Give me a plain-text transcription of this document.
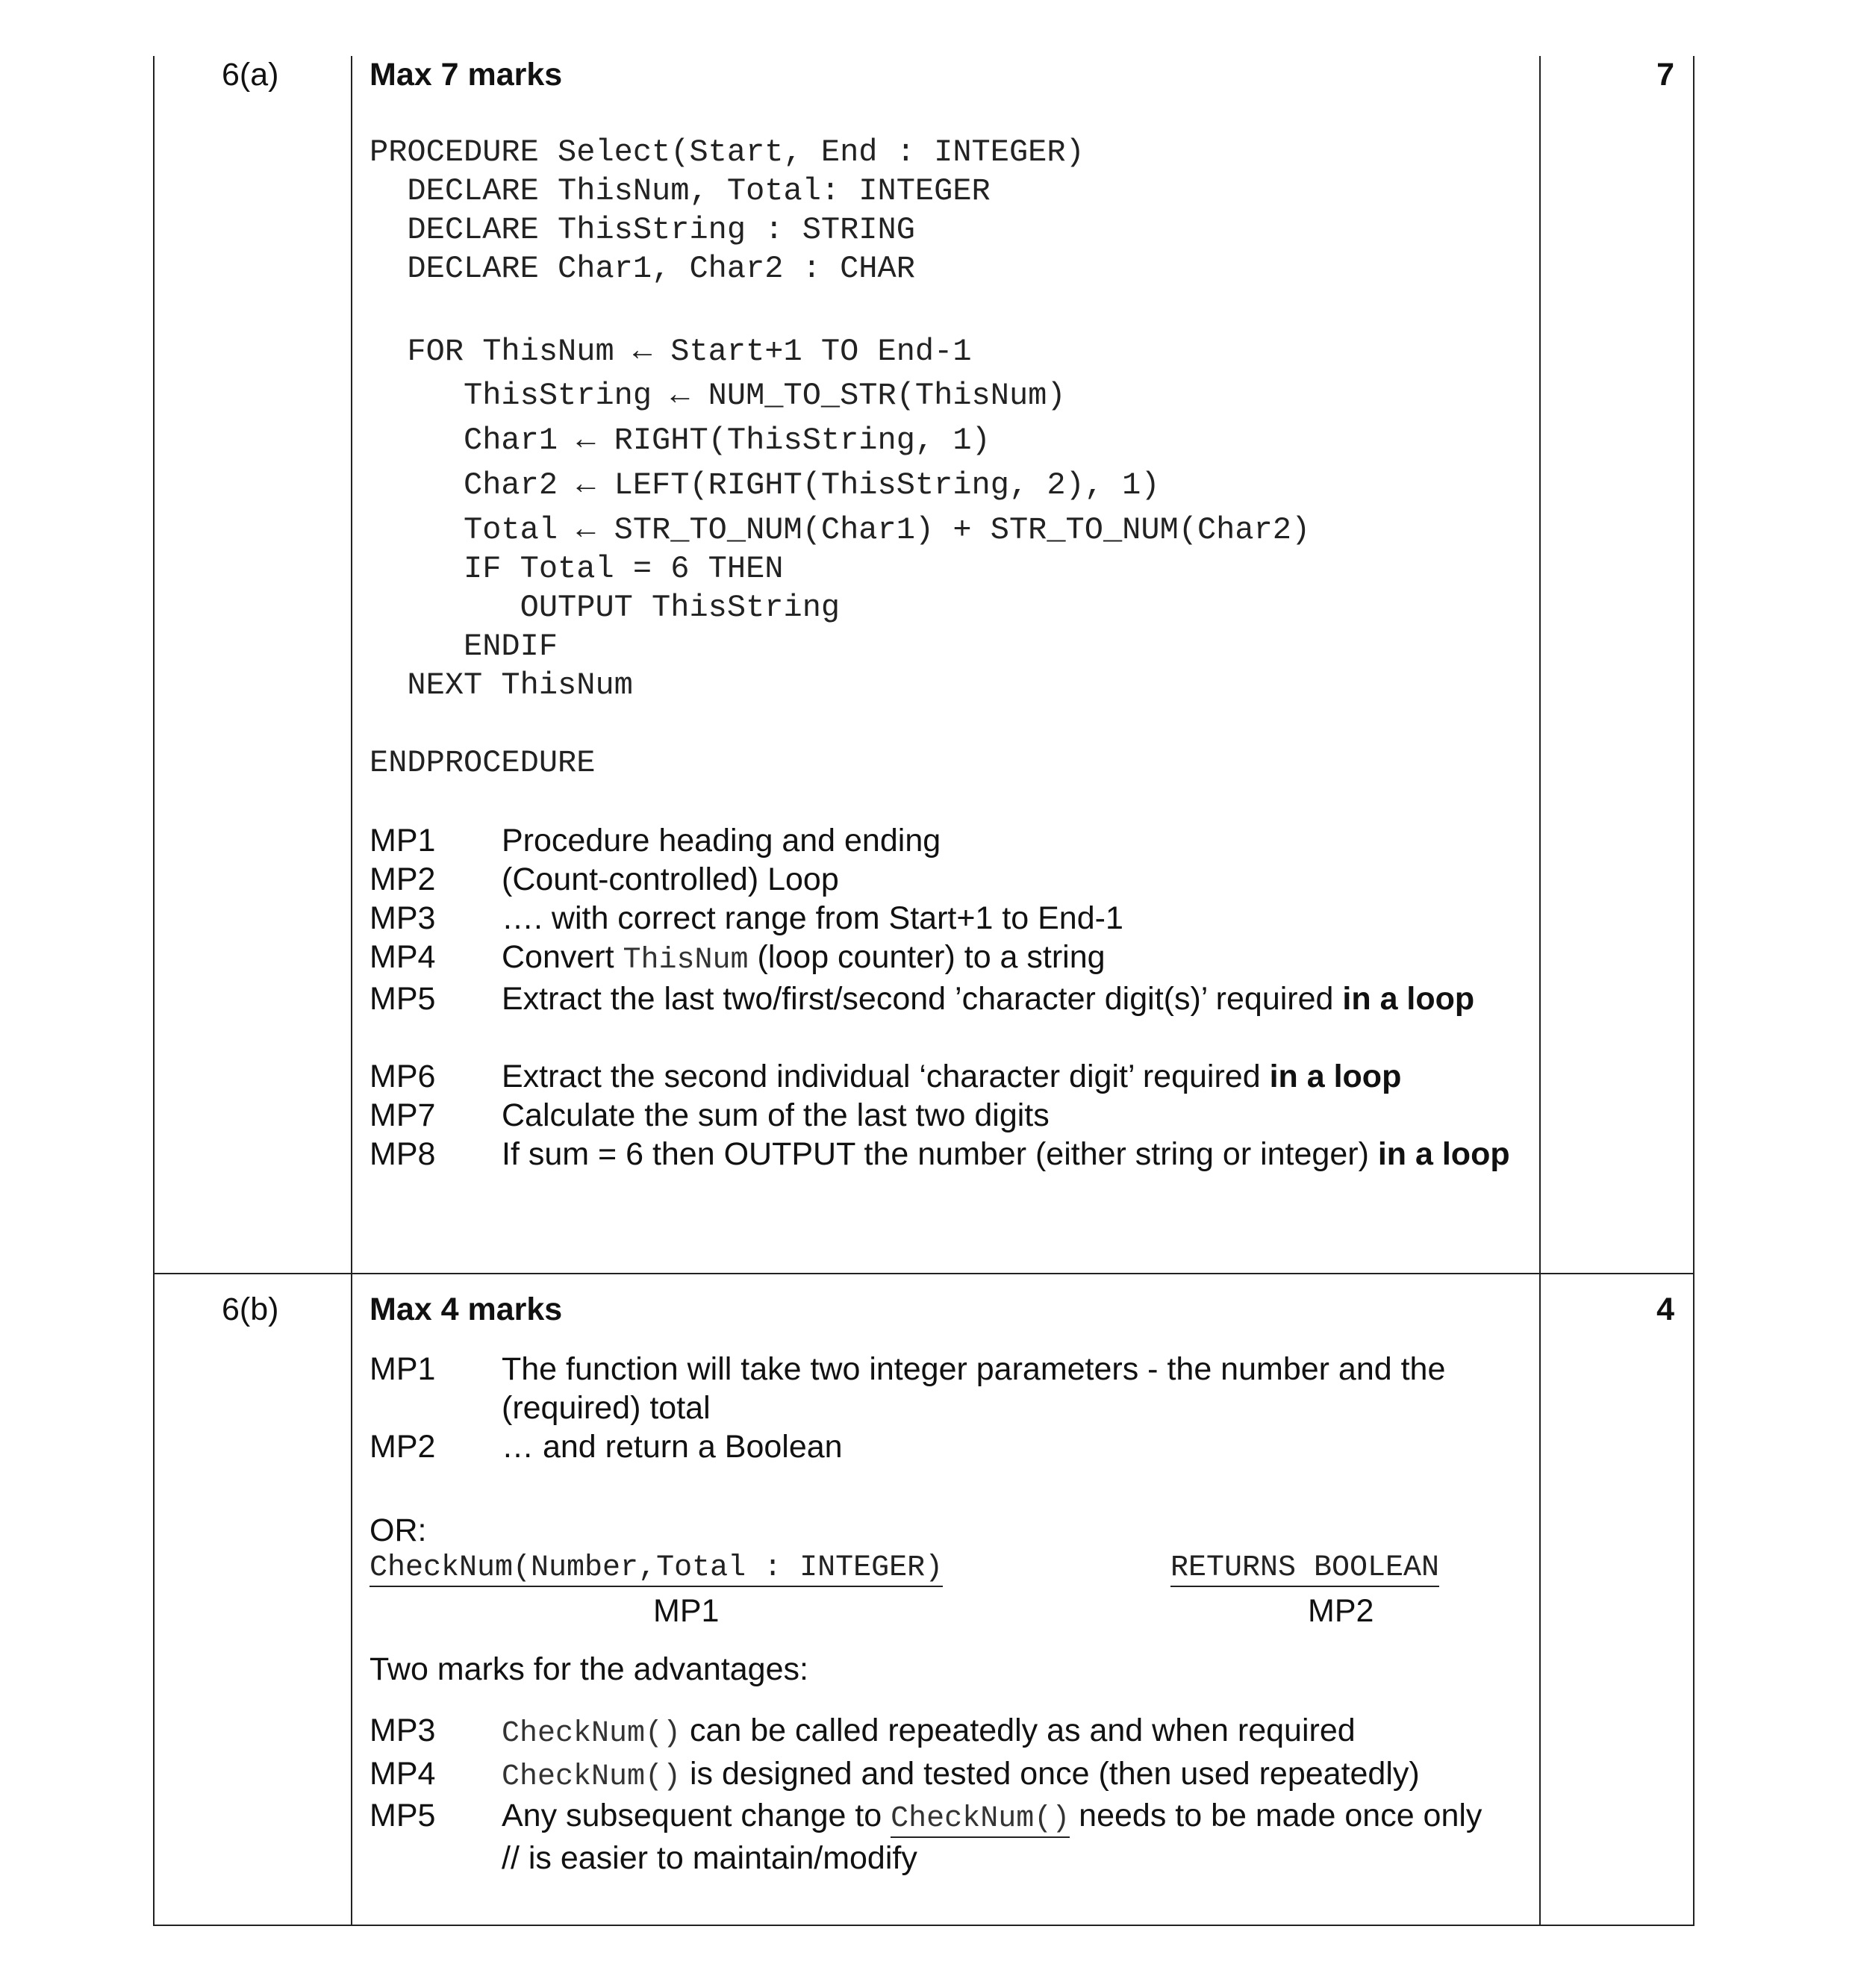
6(a)	Max 7 marks	7
PROCEDURE Select(Start, End : INTEGER)
DECLARE ThisNum, Total: INTEGER
DECLARE ThisString : STRING
DECLARE Char1, Char2 : CHAR
FOR ThisNum ← Start+1 TO End-1
ThisString ← NUM_TO_STR(ThisNum)
Char1 ← RIGHT(ThisString, 1)
Char2 ← LEFT(RIGHT(ThisString, 2), 1)
Total ← STR_TO_NUM(Char1) + STR_TO_NUM(Char2)
IF Total = 6 THEN
OUTPUT ThisString
ENDIF
NEXT ThisNum
ENDPROCEDURE
MP1	Procedure heading and ending
MP2	(Count-controlled) Loop
MP3	…. with correct range from Start+1 to End-1
MP4	Convert ThisNum (loop counter) to a string
MP5	Extract the last two/first/second ’character digit(s)’ required in a loop
MP6	Extract the second individual ‘character digit’ required in a loop
MP7	Calculate the sum of the last two digits
MP8	If sum = 6 then OUTPUT the number (either string or integer) in a loop
6(b)	Max 4 marks	4
MP1	The function will take two integer parameters - the number and the (required) total
MP2	… and return a Boolean
OR:
CheckNum(Number,Total : INTEGER)	RETURNS BOOLEAN
MP1	MP2
Two marks for the advantages:
MP3	CheckNum() can be called repeatedly as and when required
MP4	CheckNum() is designed and tested once (then used repeatedly)
MP5	Any subsequent change to CheckNum() needs to be made once only // is easier to maintain/modify
